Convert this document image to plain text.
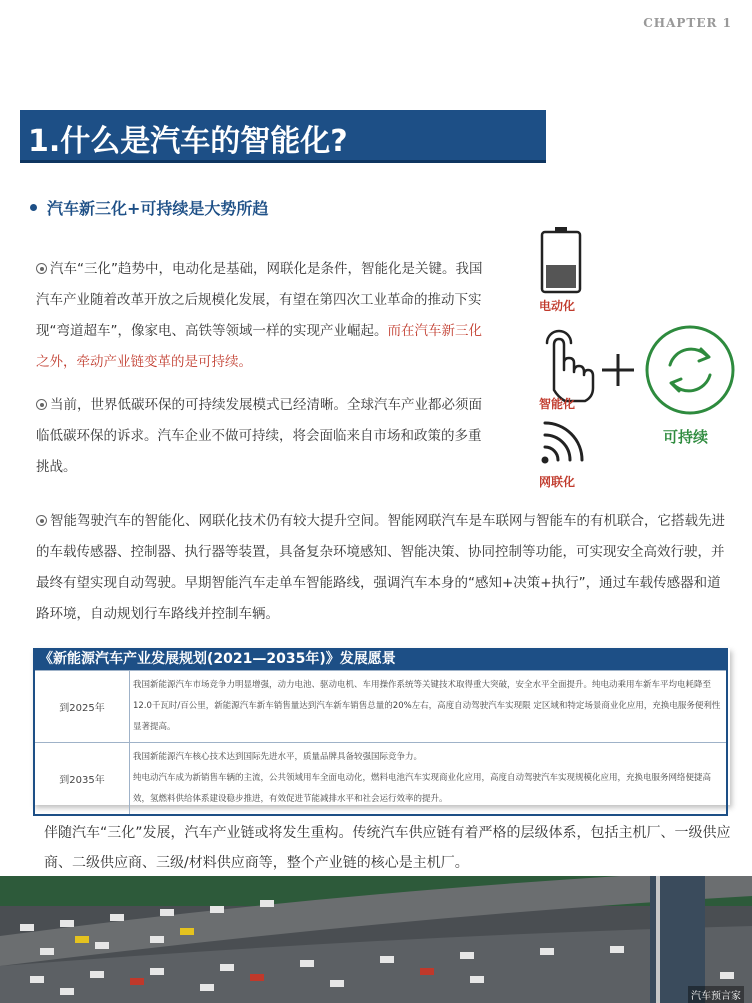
CHAPTER 1
1.什么是汽车的智能化?
汽车新三化+可持续是大势所趋
汽车“三化”趋势中，电动化是基础，网联化是条件，智能化是关键。我国汽车产业随着改革开放之后规模化发展，有望在第四次工业革命的推动下实现“弯道超车”，像家电、高铁等领域一样的实现产业崛起。而在汽车新三化之外，牵动产业链变革的是可持续。
当前，世界低碳环保的可持续发展模式已经清晰。全球汽车产业都必须面临低碳环保的诉求。汽车企业不做可持续，将会面临来自市场和政策的多重挑战。
电动化
智能化
网联化
可持续
智能驾驶汽车的智能化、网联化技术仍有较大提升空间。智能网联汽车是车联网与智能车的有机联合，它搭载先进的车载传感器、控制器、执行器等装置，具备复杂环境感知、智能决策、协同控制等功能，可实现安全高效行驶，并最终有望实现自动驾驶。早期智能汽车走单车智能路线，强调汽车本身的“感知+决策+执行”，通过车载传感器和道路环境，自动规划行车路线并控制车辆。
《新能源汽车产业发展规划(2021—2035年)》发展愿景
到2025年	我国新能源汽车市场竞争力明显增强，动力电池、驱动电机、车用操作系统等关键技术取得重大突破，安全水平全面提升。纯电动乘用车新车平均电耗降至12.0千瓦时/百公里，新能源汽车新车销售量达到汽车新车销售总量的20%左右，高度自动驾驶汽车实现限 定区域和特定场景商业化应用，充换电服务便利性显著提高。
到2035年	我国新能源汽车核心技术达到国际先进水平，质量品牌具备较强国际竞争力。
纯电动汽车成为新销售车辆的主流，公共领域用车全面电动化，燃料电池汽车实现商业化应用，高度自动驾驶汽车实现规模化应用，充换电服务网络便捷高效，氢燃料供给体系建设稳步推进，有效促进节能减排水平和社会运行效率的提升。
伴随汽车“三化”发展，汽车产业链或将发生重构。传统汽车供应链有着严格的层级体系，包括主机厂、一级供应商、二级供应商、三级/材料供应商等，整个产业链的核心是主机厂。
汽车预言家
